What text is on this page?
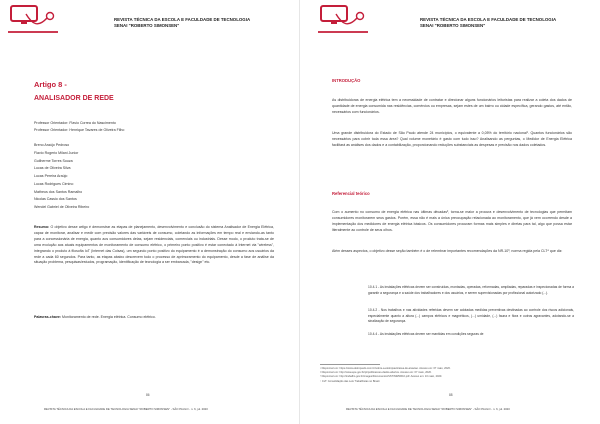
REVISTA TÉCNICA DA ESCOLA E FACULDADE DE TECNOLOGIA
SENAI "ROBERTO SIMONSEN"
Artigo 8 -
ANALISADOR DE REDE
Professor Orientador: Flavio Correa do Nascimento
Professor Orientador: Henrique Tavares de Oliveira Filho
Breno Araújo Pedroso
Flavio Rogerio Milani Junior
Guilherme Torres Souza
Lucas de Oliveira Silva
Lucas Pereira Araújo
Lucas Rodrigues Cirnino
Matheus dos Santos Ramalho
Nicolas Cassio dos Santos
Wendel Gabriel de Oliveira Ribeiro
Resumo: O objetivo desse artigo é demonstrar as etapas de planejamento, desenvolvimento e conclusão do sistema Analisador de Energia Elétrica, capaz de monitorar, analisar e medir com precisão valores das variáveis de consumo, coletando as informações em tempo real e enviando-as tanto para a concessionária de energia, quanto aos consumidores delas, sejam residenciais, comerciais ou industriais. Desse modo, o produto trata-se de uma evolução aos atuais equipamentos de monitoramento de consumo elétrico, o primeiro ponto positivo é estar conectado à Internet via "wireless", integrando o produto à filosofia IoT (Internet das Coisas), um segundo ponto positivo do equipamento é a demonstração do consumo aos usuários da rede a cada 60 segundos. Para tanto, as etapas abaixo descrevem todo o processo de aprimoramento do equipamento, desde a fase de análise da situação problema, pesquisas/estudos, programação, identificação de tecnologia a ser embarcada, "design" etc.
Palavras-chave: Monitoramento de rede. Energia elétrica. Consumo elétrico.
86
REVISTA TÉCNICA DA ESCOLA E FACULDADE DE TECNOLOGIA SENAI "ROBERTO SIMONSEN" - SÃO PAULO - n. 6, jul. 2020
REVISTA TÉCNICA DA ESCOLA E FACULDADE DE TECNOLOGIA
SENAI "ROBERTO SIMONSEN"
INTRODUÇÃO
As distribuidoras de energia elétrica tem a necessidade de contratar e direcionar alguns funcionários leituristas para realizar a coleta dos dados de quantidade de energia consumida nas residências, comércios ou empresas, sejam estes de um bairro ou cidade específica, gerando gastos, até então, necessários com funcionários.
Uma grande distribuidora do Estado de São Paulo atende 24 municípios, o equivalente a 0,05% do território nacional¹. Quantos funcionários são necessários para cobrir toda essa área? Qual volume monetário é gasto com tudo isso? Analisando as perguntas, o Medidor de Energia Elétrica facilitará as análises dos dados e a contabilização, proporcionando reduções substanciais as despesas e precisão nos dados coletados.
Referencial teórico
Com o aumento no consumo de energia elétrica nas últimas décadas², torna-se maior a procura e desenvolvimento de tecnologias que permitam consumidores monitorarem seus gastos. Porém, essa não é mais a única preocupação relacionada ao monitoramento, que já vem ocorrendo desde a implementação dos medidores de energia elétrica básicos. Os consumidores procuram formas mais simples e diretas para tal, algo que possa estar literalmente ao controle de seus olhos.
Além desses aspectos, o objetivo desse seção também é o de relembrar importantes recomendações da NR-10³, norma regida pela CLT⁴ que diz:
10.4.1 - As instalações elétricas devem ser construídas, montadas, operadas, reformadas, ampliadas, reparadas e inspecionadas de forma a garantir a segurança e a saúde dos trabalhadores e dos usuários, e serem supervisionadas por profissional autorizado (...).
10.4.2 - Nos trabalhos e nas atividades referidas devem ser adotadas medidas preventivas destinadas ao controle dos riscos adicionais, especialmente quanto a altura (...) campos elétricos e magnéticos, (...) umidade, (...) fauna e flora e outros agravantes, adotando-se a sinalização de segurança.
10.4.4 - As instalações elétricas devem ser mantidas em condições seguras de
¹ Disponível em: https://www.eletropaulo.com.br/sobre-a-eletropaulo/area-de-atuacao. Acesso em: 07 maio, 2020.
² Disponível em: http://www.epe.gov.br/pt/publicacoes-dados-abertos. Acesso em: 07 maio, 2020.
³ Disponível em: http://trabalho.gov.br/images/Documentos/SST/NR/NR10.pdf. Acesso em: 10 maio, 2020.
⁴ CLT: Consolidação das Leis Trabalhistas no Brasil.
88
REVISTA TÉCNICA DA ESCOLA E FACULDADE DE TECNOLOGIA SENAI "ROBERTO SIMONSEN" - SÃO PAULO - n. 6, jul. 2020
